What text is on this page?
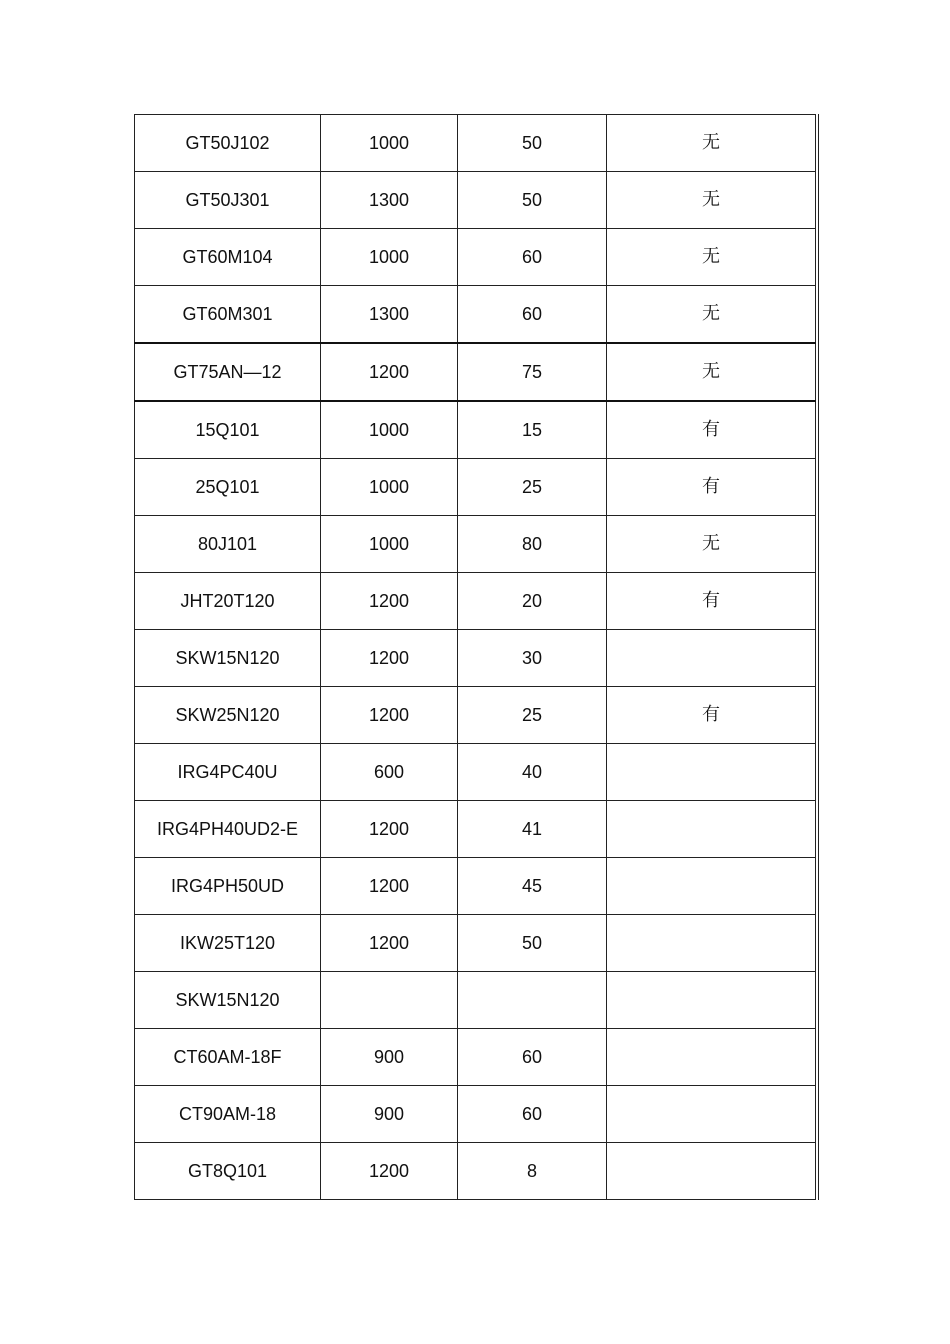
GT50J102	1000	50	无
GT50J301	1300	50	无
GT60M104	1000	60	无
GT60M301	1300	60	无
GT75AN—12	1200	75	无
15Q101	1000	15	有
25Q101	1000	25	有
80J101	1000	80	无
JHT20T120	1200	20	有
SKW15N120	1200	30	
SKW25N120	1200	25	有
IRG4PC40U	600	40	
IRG4PH40UD2-E	1200	41	
IRG4PH50UD	1200	45	
IKW25T120	1200	50	
SKW15N120			
CT60AM-18F	900	60	
CT90AM-18	900	60	
GT8Q101	1200	8	
